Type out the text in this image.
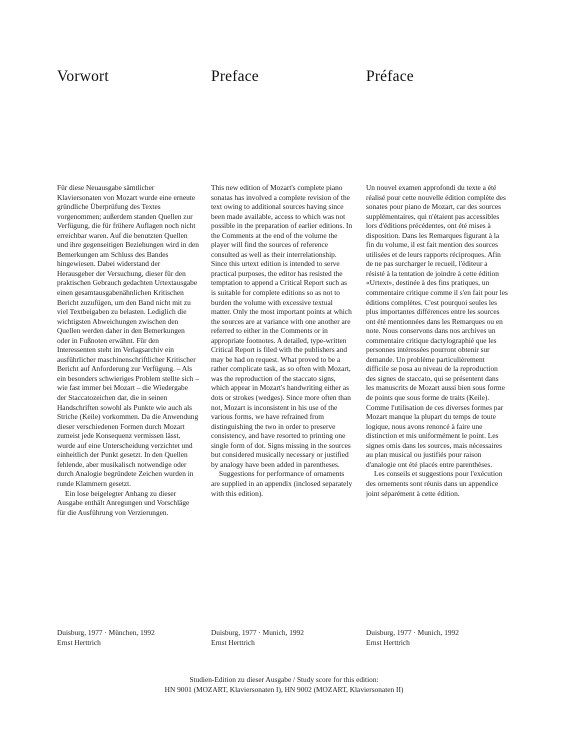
Vorwort

Für diese Neuausgabe sämtlicher Klaviersonaten von Mozart wurde eine erneute gründliche Überprüfung des Textes vorgenommen; außerdem standen Quellen zur Verfügung, die für frühere Auflagen noch nicht erreichbar waren. Auf die benutzten Quellen und ihre gegenseitigen Beziehungen wird in den Bemerkungen am Schluss des Bandes hingewiesen. Dabei widerstand der Herausgeber der Versuchung, dieser für den praktischen Gebrauch gedachten Urtextausgabe einen gesamtausgabenähnlichen Kritischen Bericht zuzufügen, um den Band nicht mit zu viel Textbeigaben zu belasten. Lediglich die wichtigsten Abweichungen zwischen den Quellen werden daher in den Bemerkungen oder in Fußnoten erwähnt. Für den Interessenten steht im Verlagsarchiv ein ausführlicher maschinenschriftlicher Kritischer Bericht auf Anforderung zur Verfügung. – Als ein besonders schwieriges Problem stellte sich – wie fast immer bei Mozart – die Wiedergabe der Staccatozeichen dar, die in seinen Handschriften sowohl als Punkte wie auch als Striche (Keile) vorkommen. Da die Anwendung dieser verschiedenen Formen durch Mozart zumeist jede Konsequenz vermissen lässt, wurde auf eine Unterscheidung verzichtet und einheitlich der Punkt gesetzt. In den Quellen fehlende, aber musikalisch notwendige oder durch Analogie begründete Zeichen wurden in runde Klammern gesetzt.

Ein lose beigelegter Anhang zu dieser Ausgabe enthält Anregungen und Vorschläge für die Ausführung von Verzierungen.

Duisburg, 1977 · München, 1992
Ernst Herttrich
Preface

This new edition of Mozart's complete piano sonatas has involved a complete revision of the text owing to additional sources having since been made available, access to which was not possible in the preparation of earlier editions. In the Comments at the end of the volume the player will find the sources of reference consulted as well as their interrelationship. Since this urtext edition is intended to serve practical purposes, the editor has resisted the temptation to append a Critical Report such as is suitable for complete editions so as not to burden the volume with excessive textual matter. Only the most important points at which the sources are at variance with one another are referred to either in the Comments or in appropriate footnotes. A detailed, type-written Critical Report is filed with the publishers and may be had on request. What proved to be a rather complicate task, as so often with Mozart, was the reproduction of the staccato signs, which appear in Mozart's handwriting either as dots or strokes (wedges). Since more often than not, Mozart is inconsistent in his use of the various forms, we have refrained from distinguishing the two in order to preserve consistency, and have resorted to printing one single form of dot. Signs missing in the sources but considered musically necessary or justified by analogy have been added in parentheses.

Suggestions for performance of ornaments are supplied in an appendix (inclosed separately with this edition).

Duisburg, 1977 · Munich, 1992
Ernst Herttrich
Préface

Un nouvel examen approfondi du texte a été réalisé pour cette nouvelle édition complète des sonates pour piano de Mozart, car des sources supplémentaires, qui n'étaient pas accessibles lors d'éditions précédentes, ont été mises à disposition. Dans les Remarques figurant à la fin du volume, il est fait mention des sources utilisées et de leurs rapports réciproques. Afin de ne pas surcharger le recueil, l'éditeur a résisté à la tentation de joindre à cette édition «Urtext», destinée à des fins pratiques, un commentaire critique comme il s'en fait pour les éditions complètes. C'est pourquoi seules les plus importantes différences entre les sources ont été mentionnées dans les Remarques ou en note. Nous conservons dans nos archives un commentaire critique dactylographié que les personnes intéressées pourront obtenir sur demande. Un problème particulièrement difficile se posa au niveau de la reproduction des signes de staccato, qui se présentent dans les manuscrits de Mozart aussi bien sous forme de points que sous forme de traits (Keile). Comme l'utilisation de ces diverses formes par Mozart manque la plupart du temps de toute logique, nous avons renoncé à faire une distinction et mis uniformément le point. Les signes omis dans les sources, mais nécessaires au plan musical ou justifiés pour raison d'analogie ont été placés entre parenthèses.

Les conseils et suggestions pour l'exécution des ornements sont réunis dans un appendice joint séparément à cette édition.

Duisburg, 1977 · Munich, 1992
Ernst Herttrich
Studien-Edition zu dieser Ausgabe / Study score for this edition:
HN 9001 (MOZART, Klaviersonaten I), HN 9002 (MOZART, Klaviersonaten II)
